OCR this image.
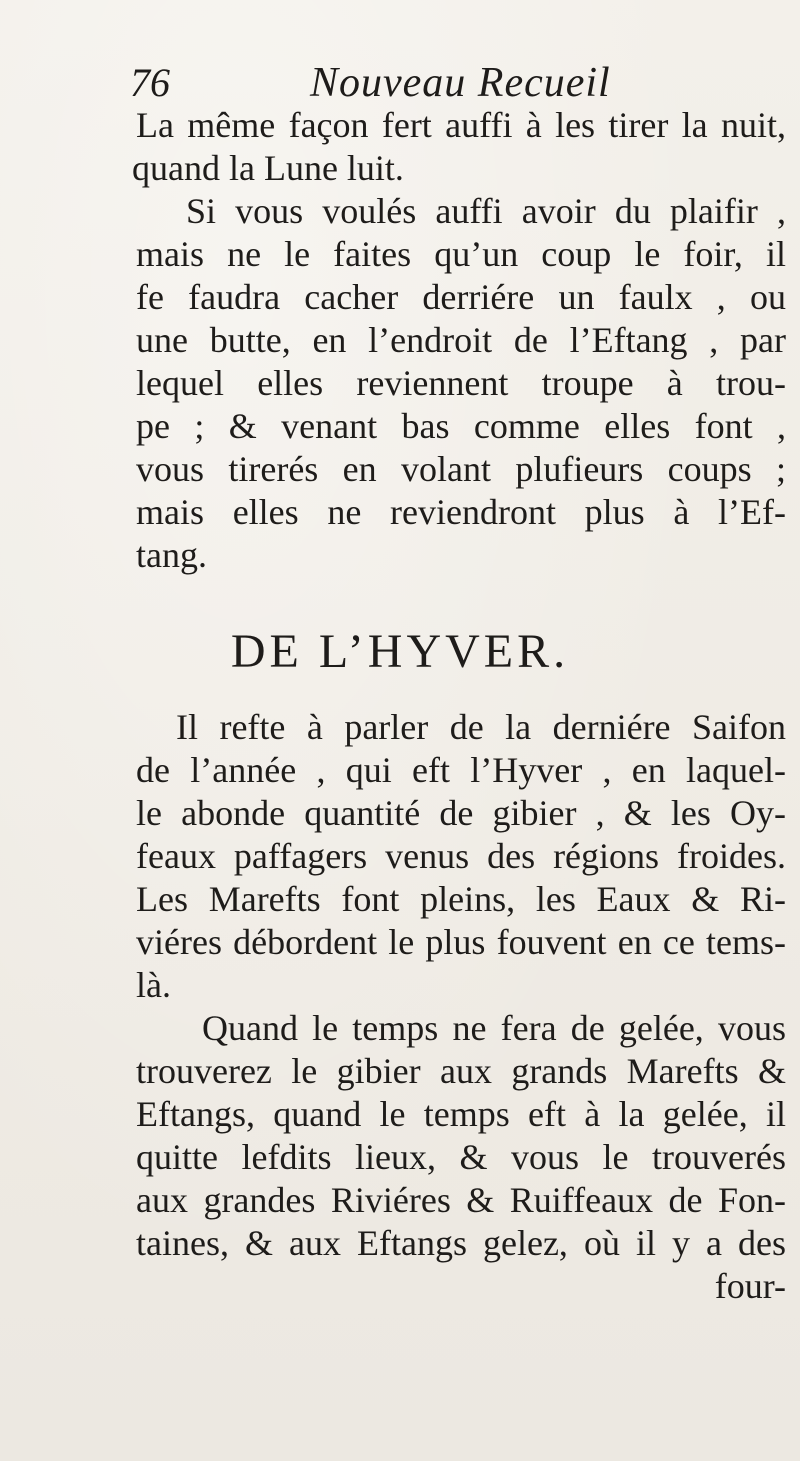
76	Nouveau Recueil
La même façon fert auffi à les tirer la nuit,
quand la Lune luit.
Si vous voulés auffi avoir du plaifir ,
mais ne le faites qu’un coup le foir, il
fe faudra cacher derriére un faulx , ou
une butte, en l’endroit de l’Eftang , par
lequel elles reviennent troupe à trou-
pe ; & venant bas comme elles font ,
vous tirerés en volant plufieurs coups ;
mais elles ne reviendront plus à l’Ef-
tang.
DE L’HYVER.
Il refte à parler de la derniére Saifon
de l’année , qui eft l’Hyver , en laquel-
le abonde quantité de gibier , & les Oy-
feaux paffagers venus des régions froides.
Les Marefts font pleins, les Eaux & Ri-
viéres débordent le plus fouvent en ce tems-
là.
Quand le temps ne fera de gelée, vous
trouverez le gibier aux grands Marefts &
Eftangs, quand le temps eft à la gelée, il
quitte lefdits lieux, & vous le trouverés
aux grandes Riviéres & Ruiffeaux de Fon-
taines, & aux Eftangs gelez, où il y a des
four-
